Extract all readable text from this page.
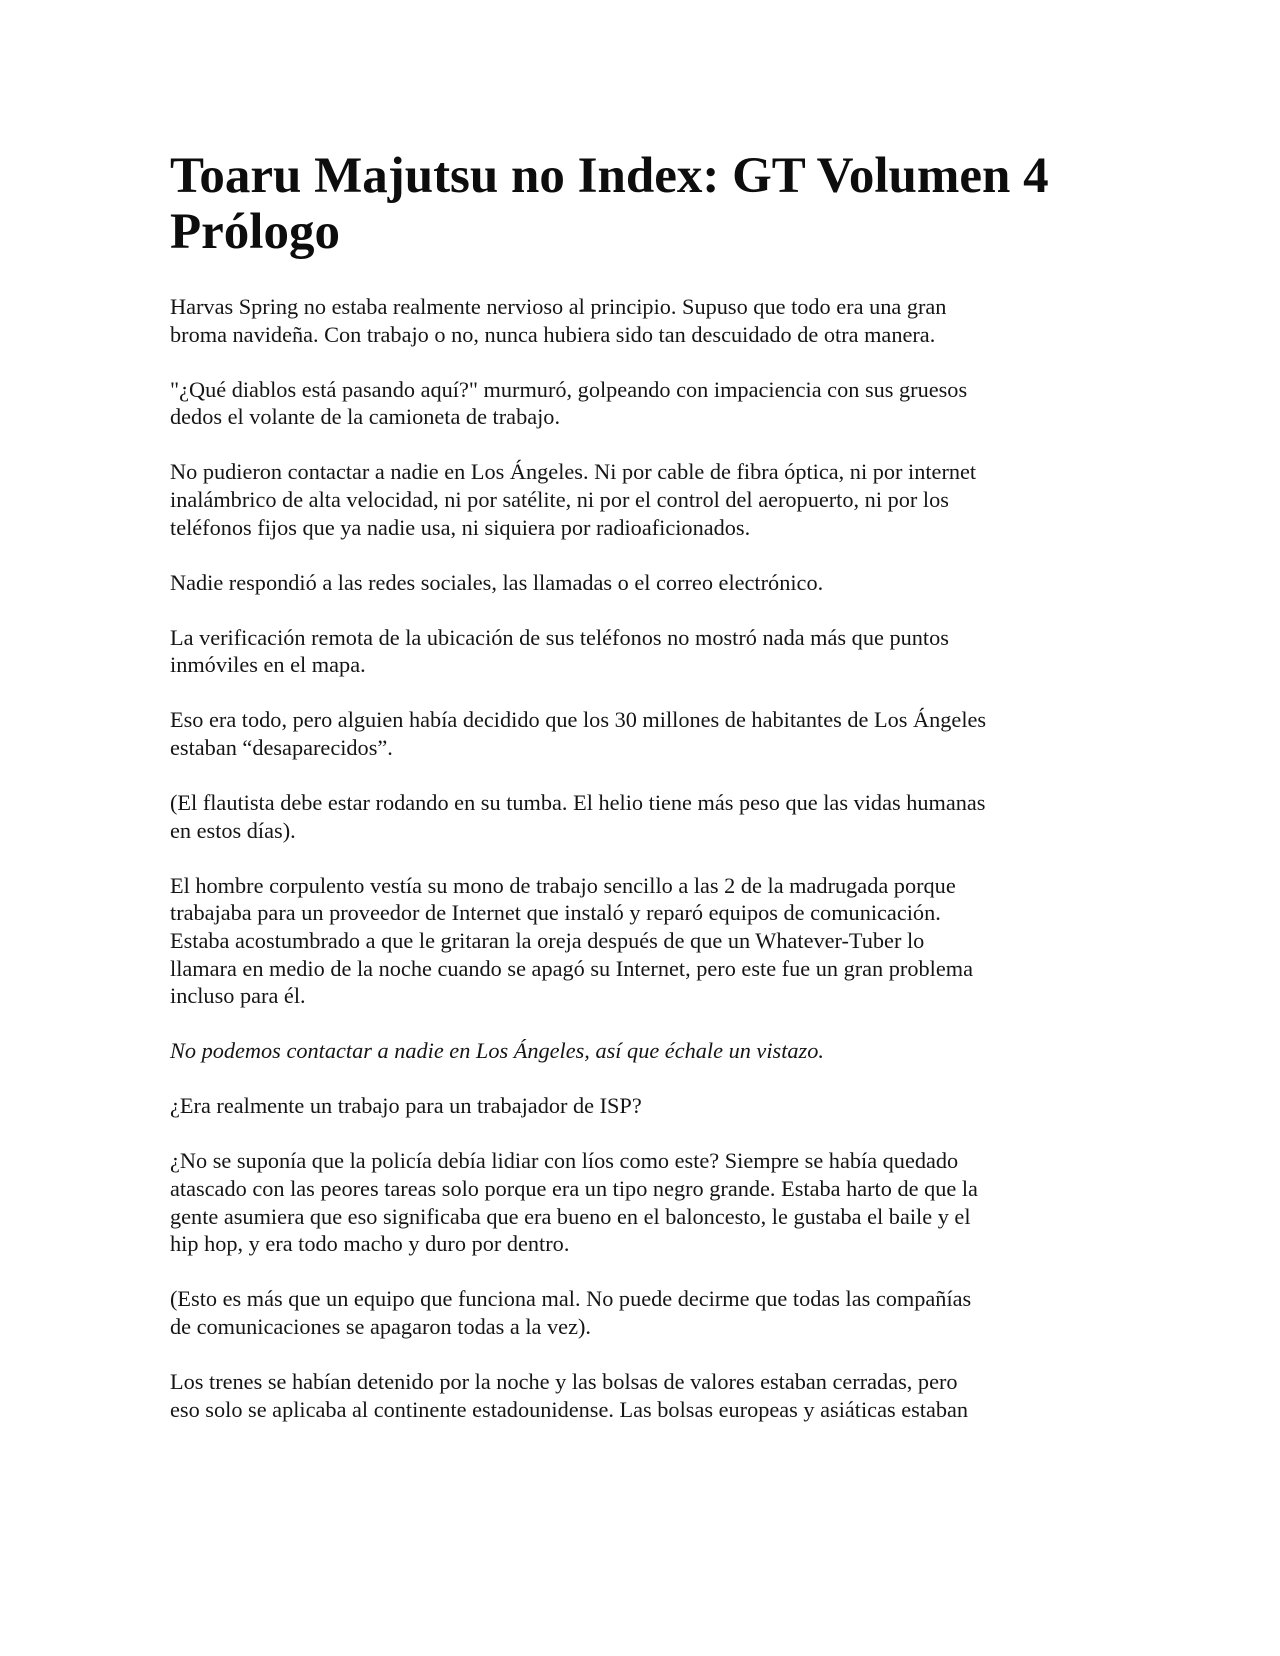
Toaru Majutsu no Index: GT Volumen 4
Prólogo

Harvas Spring no estaba realmente nervioso al principio. Supuso que todo era una gran
broma navideña. Con trabajo o no, nunca hubiera sido tan descuidado de otra manera.

"¿Qué diablos está pasando aquí?" murmuró, golpeando con impaciencia con sus gruesos
dedos el volante de la camioneta de trabajo.

No pudieron contactar a nadie en Los Ángeles. Ni por cable de fibra óptica, ni por internet
inalámbrico de alta velocidad, ni por satélite, ni por el control del aeropuerto, ni por los
teléfonos fijos que ya nadie usa, ni siquiera por radioaficionados.

Nadie respondió a las redes sociales, las llamadas o el correo electrónico.

La verificación remota de la ubicación de sus teléfonos no mostró nada más que puntos
inmóviles en el mapa.

Eso era todo, pero alguien había decidido que los 30 millones de habitantes de Los Ángeles
estaban “desaparecidos”.

(El flautista debe estar rodando en su tumba. El helio tiene más peso que las vidas humanas
en estos días).

El hombre corpulento vestía su mono de trabajo sencillo a las 2 de la madrugada porque
trabajaba para un proveedor de Internet que instaló y reparó equipos de comunicación.
Estaba acostumbrado a que le gritaran la oreja después de que un Whatever-Tuber lo
llamara en medio de la noche cuando se apagó su Internet, pero este fue un gran problema
incluso para él.

No podemos contactar a nadie en Los Ángeles, así que échale un vistazo.

¿Era realmente un trabajo para un trabajador de ISP?

¿No se suponía que la policía debía lidiar con líos como este? Siempre se había quedado
atascado con las peores tareas solo porque era un tipo negro grande. Estaba harto de que la
gente asumiera que eso significaba que era bueno en el baloncesto, le gustaba el baile y el
hip hop, y era todo macho y duro por dentro.

(Esto es más que un equipo que funciona mal. No puede decirme que todas las compañías
de comunicaciones se apagaron todas a la vez).

Los trenes se habían detenido por la noche y las bolsas de valores estaban cerradas, pero
eso solo se aplicaba al continente estadounidense. Las bolsas europeas y asiáticas estaban
